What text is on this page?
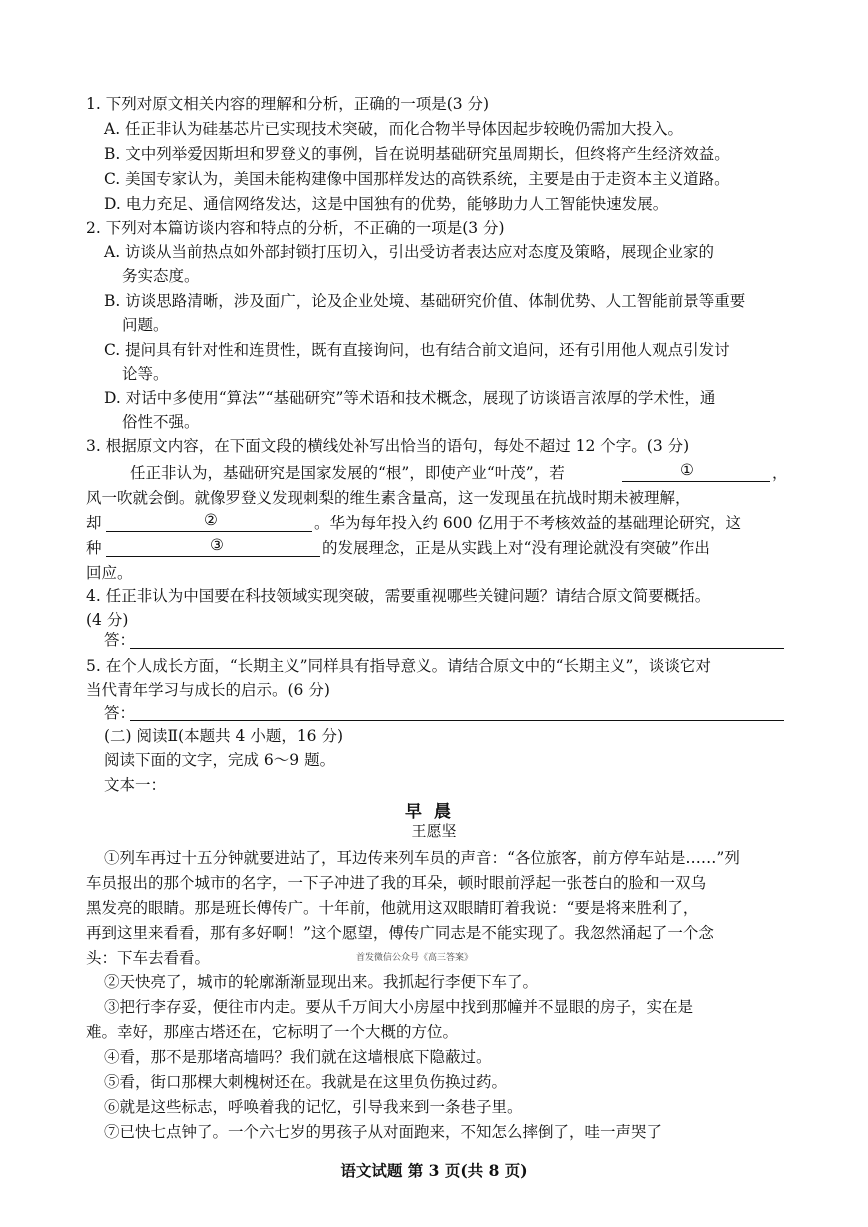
1. 下列对原文相关内容的理解和分析，正确的一项是(3 分)
A. 任正非认为硅基芯片已实现技术突破，而化合物半导体因起步较晚仍需加大投入。
B. 文中列举爱因斯坦和罗登义的事例，旨在说明基础研究虽周期长，但终将产生经济效益。
C. 美国专家认为，美国未能构建像中国那样发达的高铁系统，主要是由于走资本主义道路。
D. 电力充足、通信网络发达，这是中国独有的优势，能够助力人工智能快速发展。
2. 下列对本篇访谈内容和特点的分析，不正确的一项是(3 分)
A. 访谈从当前热点如外部封锁打压切入，引出受访者表达应对态度及策略，展现企业家的
务实态度。
B. 访谈思路清晰，涉及面广，论及企业处境、基础研究价值、体制优势、人工智能前景等重要
问题。
C. 提问具有针对性和连贯性，既有直接询问，也有结合前文追问，还有引用他人观点引发讨
论等。
D. 对话中多使用“算法”“基础研究”等术语和技术概念，展现了访谈语言浓厚的学术性，通
俗性不强。
3. 根据原文内容，在下面文段的横线处补写出恰当的语句，每处不超过 12 个字。(3 分)
任正非认为，基础研究是国家发展的“根”，即使产业“叶茂”，若	①	，
风一吹就会倒。就像罗登义发现刺梨的维生素含量高，这一发现虽在抗战时期未被理解，
却	②	。华为每年投入约 600 亿用于不考核效益的基础理论研究，这
种	③	的发展理念，正是从实践上对“没有理论就没有突破”作出
回应。
4. 任正非认为中国要在科技领域实现突破，需要重视哪些关键问题？请结合原文简要概括。
(4 分)
答：
5. 在个人成长方面，“长期主义”同样具有指导意义。请结合原文中的“长期主义”，谈谈它对
当代青年学习与成长的启示。(6 分)
答：
(二) 阅读Ⅱ(本题共 4 小题，16 分)
阅读下面的文字，完成 6～9 题。
文本一：
早晨
王愿坚
①列车再过十五分钟就要进站了，耳边传来列车员的声音：“各位旅客，前方停车站是……”列
车员报出的那个城市的名字，一下子冲进了我的耳朵，顿时眼前浮起一张苍白的脸和一双乌
黑发亮的眼睛。那是班长傅传广。十年前，他就用这双眼睛盯着我说：“要是将来胜利了，
再到这里来看看，那有多好啊！”这个愿望，傅传广同志是不能实现了。我忽然涌起了一个念
头：下车去看看。	首发微信公众号《高三答案》
②天快亮了，城市的轮廓渐渐显现出来。我抓起行李便下车了。
③把行李存妥，便往市内走。要从千万间大小房屋中找到那幢并不显眼的房子，实在是
难。幸好，那座古塔还在，它标明了一个大概的方位。
④看，那不是那堵高墙吗？我们就在这墙根底下隐蔽过。
⑤看，街口那棵大刺槐树还在。我就是在这里负伤换过药。
⑥就是这些标志，呼唤着我的记忆，引导我来到一条巷子里。
⑦已快七点钟了。一个六七岁的男孩子从对面跑来，不知怎么摔倒了，哇一声哭了
语文试题 第 3 页(共 8 页)
